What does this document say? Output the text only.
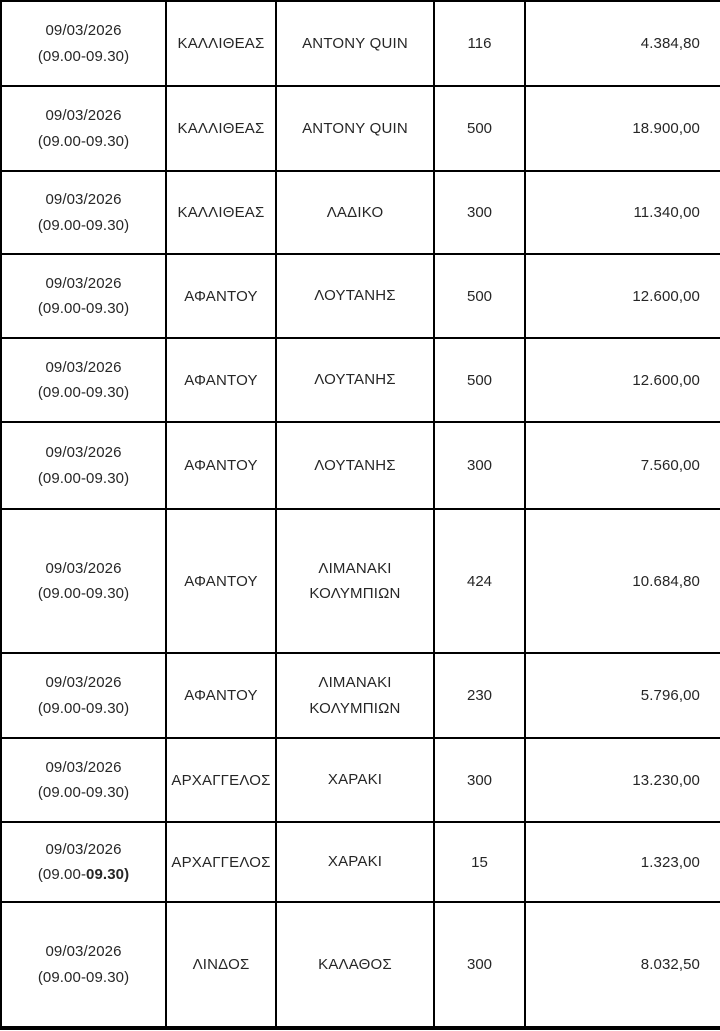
09/03/2026
(09.00-09.30)	ΚΑΛΛΙΘΕΑΣ	ΑΝΤΟΝΥ QUIN	116	4.384,80

09/03/2026
(09.00-09.30)	ΚΑΛΛΙΘΕΑΣ	ΑΝΤΟΝΥ QUIN	500	18.900,00

09/03/2026
(09.00-09.30)	ΚΑΛΛΙΘΕΑΣ	ΛΑΔΙΚΟ	300	11.340,00

09/03/2026
(09.00-09.30)	ΑΦΑΝΤΟΥ	ΛΟΥΤΑΝΗΣ	500	12.600,00

09/03/2026
(09.00-09.30)	ΑΦΑΝΤΟΥ	ΛΟΥΤΑΝΗΣ	500	12.600,00

09/03/2026
(09.00-09.30)	ΑΦΑΝΤΟΥ	ΛΟΥΤΑΝΗΣ	300	7.560,00

09/03/2026
(09.00-09.30)	ΑΦΑΝΤΟΥ	ΛΙΜΑΝΑΚΙ ΚΟΛΥΜΠΙΩΝ	424	10.684,80

09/03/2026
(09.00-09.30)	ΑΦΑΝΤΟΥ	ΛΙΜΑΝΑΚΙ ΚΟΛΥΜΠΙΩΝ	230	5.796,00

09/03/2026
(09.00-09.30)	ΑΡΧΑΓΓΕΛΟΣ	ΧΑΡΑΚΙ	300	13.230,00

09/03/2026
(09.00-09.30)	ΑΡΧΑΓΓΕΛΟΣ	ΧΑΡΑΚΙ	15	1.323,00

09/03/2026
(09.00-09.30)	ΛΙΝΔΟΣ	ΚΑΛΑΘΟΣ	300	8.032,50
